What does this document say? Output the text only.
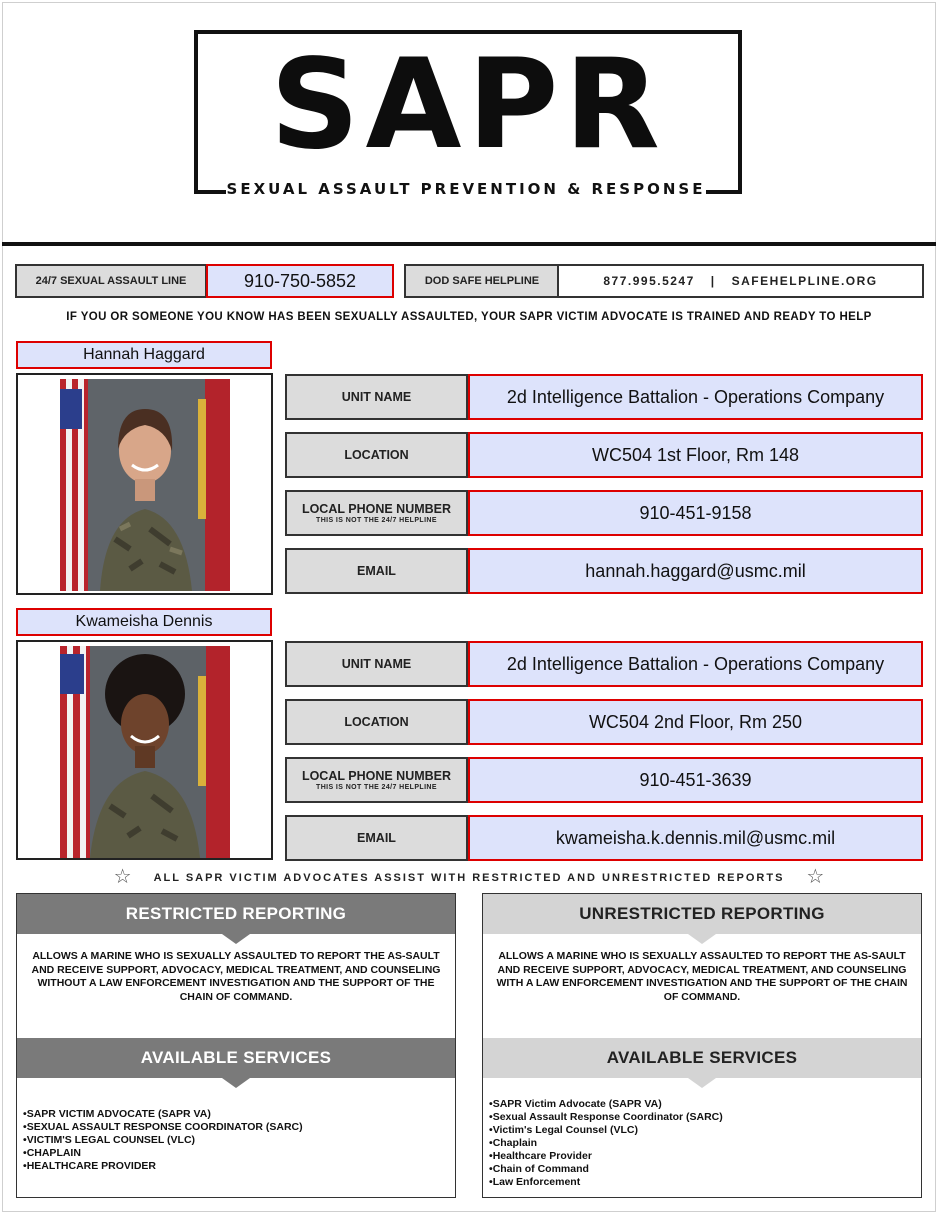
SAPR
SEXUAL ASSAULT PREVENTION & RESPONSE
24/7 SEXUAL ASSAULT LINE	910-750-5852	DOD SAFE HELPLINE	877.995.5247 | SAFEHELPLINE.ORG
IF YOU OR SOMEONE YOU KNOW HAS BEEN SEXUALLY ASSAULTED, YOUR SAPR VICTIM ADVOCATE IS TRAINED AND READY TO HELP
Hannah Haggard
UNIT NAME	2d Intelligence Battalion - Operations Company
LOCATION	WC504 1st Floor, Rm 148
LOCAL PHONE NUMBER
THIS IS NOT THE 24/7 HELPLINE	910-451-9158
EMAIL	hannah.haggard@usmc.mil
Kwameisha Dennis
UNIT NAME	2d Intelligence Battalion - Operations Company
LOCATION	WC504 2nd Floor, Rm 250
LOCAL PHONE NUMBER
THIS IS NOT THE 24/7 HELPLINE	910-451-3639
EMAIL	kwameisha.k.dennis.mil@usmc.mil
☆ ALL SAPR VICTIM ADVOCATES ASSIST WITH RESTRICTED AND UNRESTRICTED REPORTS ☆
RESTRICTED REPORTING
ALLOWS A MARINE WHO IS SEXUALLY ASSAULTED TO REPORT THE AS-SAULT AND RECEIVE SUPPORT, ADVOCACY, MEDICAL TREATMENT, AND COUNSELING WITHOUT A LAW ENFORCEMENT INVESTIGATION AND THE SUPPORT OF THE CHAIN OF COMMAND.
AVAILABLE SERVICES
• SAPR VICTIM ADVOCATE (SAPR VA)
• SEXUAL ASSAULT RESPONSE COORDINATOR (SARC)
• VICTIM'S LEGAL COUNSEL (VLC)
• CHAPLAIN
• HEALTHCARE PROVIDER
UNRESTRICTED REPORTING
ALLOWS A MARINE WHO IS SEXUALLY ASSAULTED TO REPORT THE AS-SAULT AND RECEIVE SUPPORT, ADVOCACY, MEDICAL TREATMENT, AND COUNSELING WITH A LAW ENFORCEMENT INVESTIGATION AND THE SUPPORT OF THE CHAIN OF COMMAND.
AVAILABLE SERVICES
• SAPR Victim Advocate (SAPR VA)
• Sexual Assault Response Coordinator (SARC)
• Victim's Legal Counsel (VLC)
• Chaplain
• Healthcare Provider
• Chain of Command
• Law Enforcement
